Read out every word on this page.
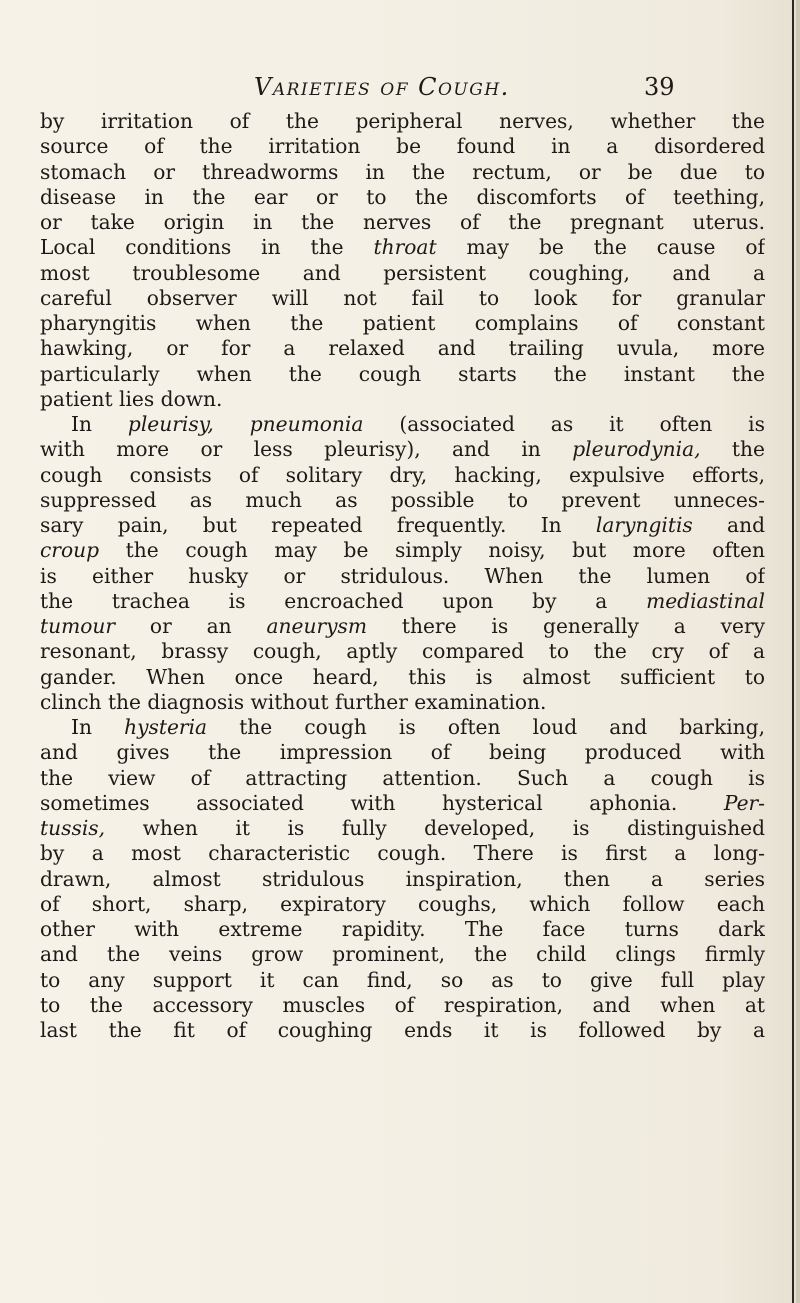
Varieties of Cough.	39
by irritation of the peripheral nerves, whether the
source of the irritation be found in a disordered
stomach or threadworms in the rectum, or be due to
disease in the ear or to the discomforts of teething,
or take origin in the nerves of the pregnant uterus.
Local conditions in the throat may be the cause of
most troublesome and persistent coughing, and a
careful observer will not fail to look for granular
pharyngitis when the patient complains of constant
hawking, or for a relaxed and trailing uvula, more
particularly when the cough starts the instant the
patient lies down.
In pleurisy, pneumonia (associated as it often is
with more or less pleurisy), and in pleurodynia, the
cough consists of solitary dry, hacking, expulsive efforts,
suppressed as much as possible to prevent unneces-
sary pain, but repeated frequently. In laryngitis and
croup the cough may be simply noisy, but more often
is either husky or stridulous. When the lumen of
the trachea is encroached upon by a mediastinal
tumour or an aneurysm there is generally a very
resonant, brassy cough, aptly compared to the cry of a
gander. When once heard, this is almost sufficient to
clinch the diagnosis without further examination.
In hysteria the cough is often loud and barking,
and gives the impression of being produced with
the view of attracting attention. Such a cough is
sometimes associated with hysterical aphonia. Per-
tussis, when it is fully developed, is distinguished
by a most characteristic cough. There is first a long-
drawn, almost stridulous inspiration, then a series
of short, sharp, expiratory coughs, which follow each
other with extreme rapidity. The face turns dark
and the veins grow prominent, the child clings firmly
to any support it can find, so as to give full play
to the accessory muscles of respiration, and when at
last the fit of coughing ends it is followed by a
